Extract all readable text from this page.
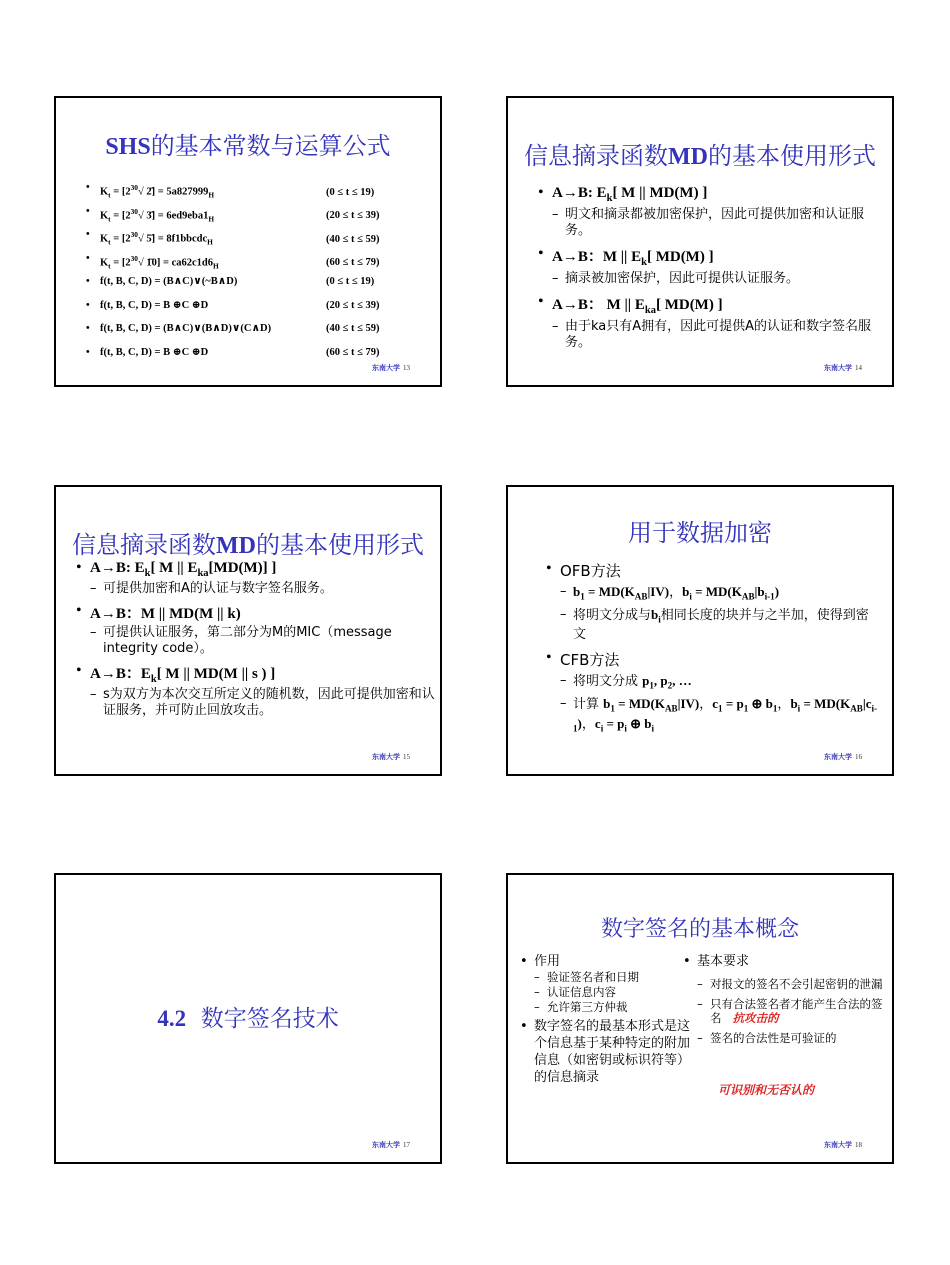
SHS的基本常数与运算公式
• $K_t = [2^{30}√$ 2̄] = $5a827999_H$	(0 ≤ t ≤ 19)
• $K_t = [2^{30}√$ 3̄] = $6ed9eba1_H$	(20 ≤ t ≤ 39)
• $K_t = [2^{30}√$ 5̄] = 8f1bbcdc$_H$	(40 ≤ t ≤ 59)
• $K_t = [2^{30}√$ 1̄0] = $ca62c1d6_H$	(60 ≤ t ≤ 79)
• f(t, B, C, D) = (B∧C)∨(~B∧D)	(0 ≤ t ≤ 19)
• f(t, B, C, D) = B ⊕C ⊕D	(20 ≤ t ≤ 39)
• f(t, B, C, D) = (B∧C)∨(B∧D)∨(C∧D)	(40 ≤ t ≤ 59)
• f(t, B, C, D) = B ⊕C ⊕D	(60 ≤ t ≤ 79)
东南大学 13
信息摘录函数MD的基本使用形式
• A→B: $E_k$[ M || MD(M) ]
– 明文和摘录都被加密保护，因此可提供加密和认证服务。
• A→B：M || $E_k$[ MD(M) ]
– 摘录被加密保护，因此可提供认证服务。
• A→B： M || $E_{ka}$[ MD(M) ]
– 由于ka只有A拥有，因此可提供A的认证和数字签名服务。
东南大学 14
信息摘录函数MD的基本使用形式
• A→B: $E_k$[ M || $E_{ka}[MD(M)]$ ]
– 可提供加密和A的认证与数字签名服务。
• A→B：M || MD(M || k)
– 可提供认证服务，第二部分为M的MIC（message integrity code）。
• A→B：$E_k$[ M || MD(M || s ) ]
– s为双方为本次交互所定义的随机数，因此可提供加密和认证服务，并可防止回放攻击。
东南大学 15
用于数据加密
• OFB方法
– $b_1 = MD(K_{AB}|IV)$，$b_i = MD(K_{AB}|b_{i-1})$
– 将明文分成与$b_i$相同长度的块并与之半加，使得到密文
• CFB方法
– 将明文分成 $p_1$, $p_2$, …
– 计算 $b_1 = MD(K_{AB}|IV)$，$c_1 = p_1$ ⊕ $b_1$，$b_i = MD(K_{AB}|c_{i-1})$，$c_i = p_i$ ⊕ $b_i$
东南大学 16
4.2 数字签名技术
东南大学 17
数字签名的基本概念
• 作用
– 验证签名者和日期
– 认证信息内容
– 允许第三方仲裁
• 数字签名的最基本形式是这个信息基于某种特定的附加信息（如密钥或标识符等）的信息摘录
• 基本要求
– 对报文的签名不会引起密钥的泄漏
– 只有合法签名者才能产生合法的签名 抗攻击的
– 签名的合法性是可验证的
可识别和无否认的
东南大学 18
